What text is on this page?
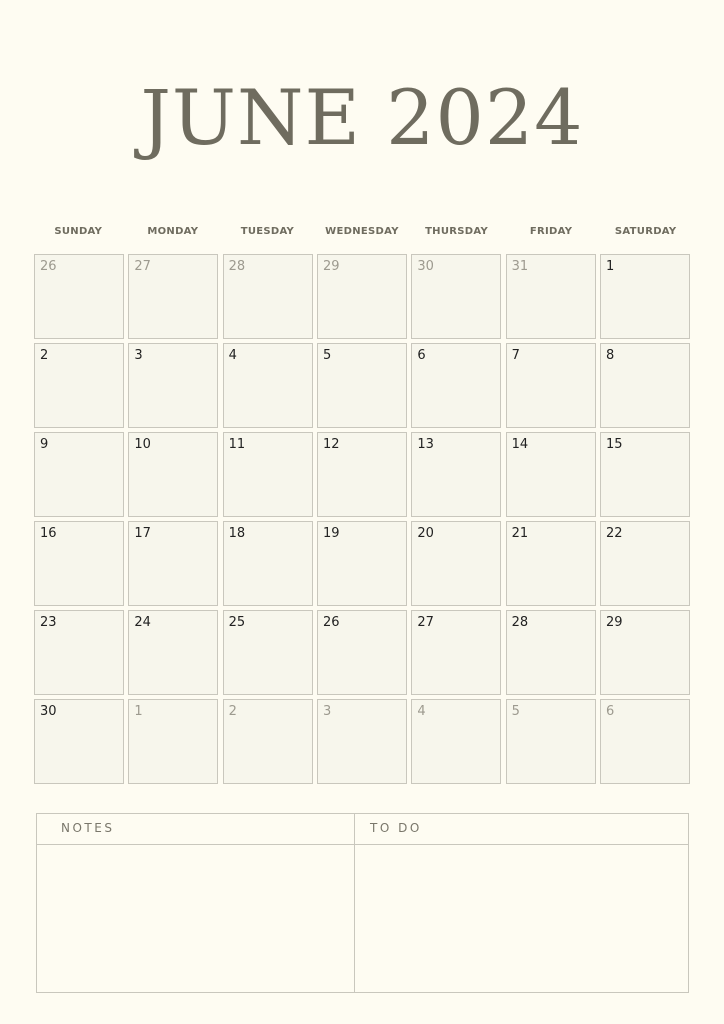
JUNE 2024
SUNDAY	MONDAY	TUESDAY	WEDNESDAY	THURSDAY	FRIDAY	SATURDAY
26	27	28	29	30	31	1
2	3	4	5	6	7	8
9	10	11	12	13	14	15
16	17	18	19	20	21	22
23	24	25	26	27	28	29
30	1	2	3	4	5	6
NOTES	TO DO
